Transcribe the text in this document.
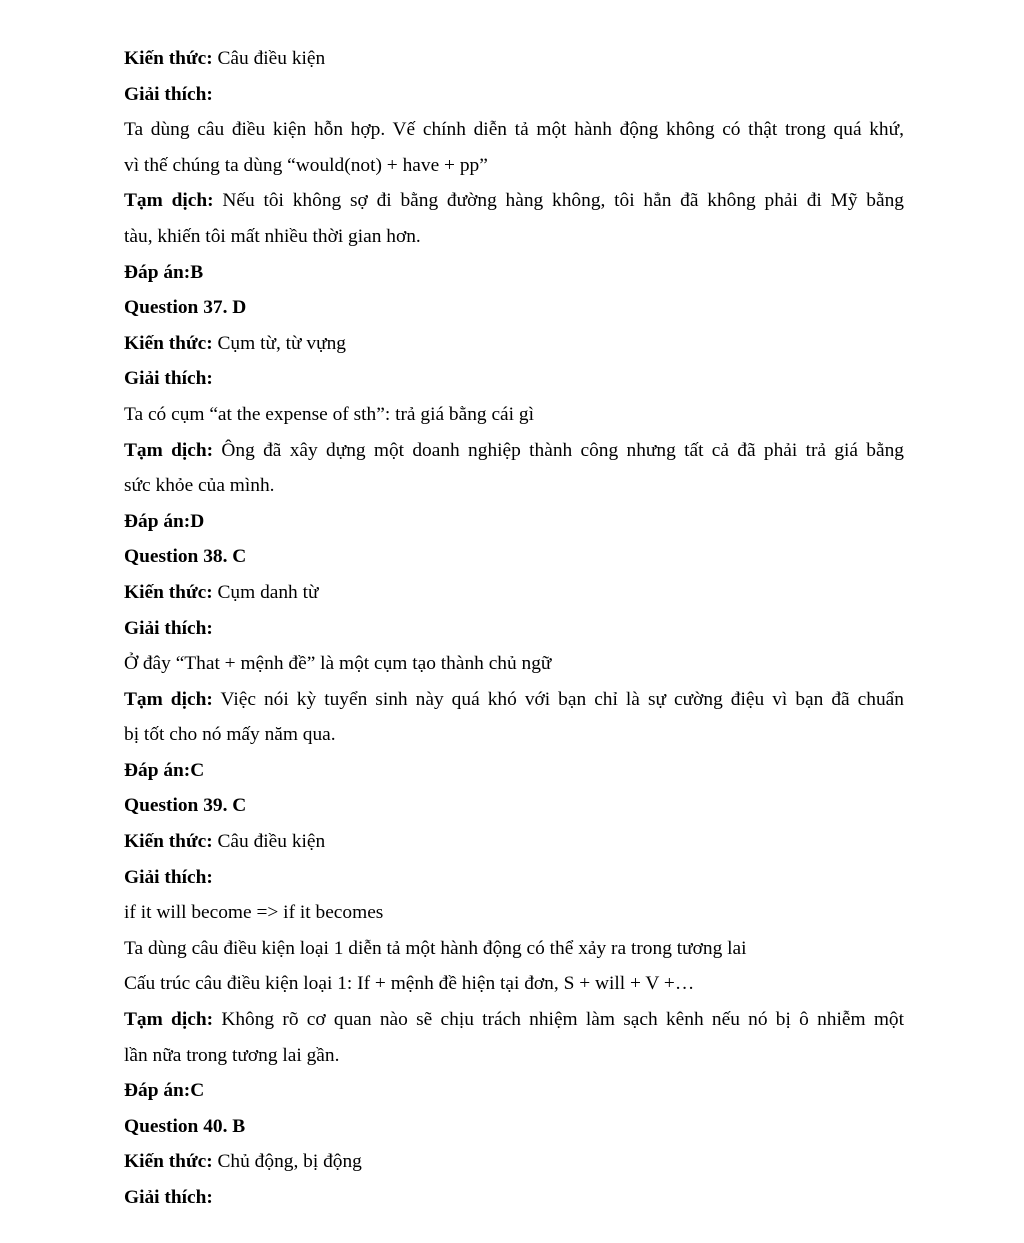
Kiến thức: Câu điều kiện
Giải thích:
Ta dùng câu điều kiện hỗn hợp. Vế chính diễn tả một hành động không có thật trong quá khứ,
vì thế chúng ta dùng “would(not) + have + pp”
Tạm dịch: Nếu tôi không sợ đi bằng đường hàng không, tôi hẳn đã không phải đi Mỹ bằng
tàu, khiến tôi mất nhiều thời gian hơn.
Đáp án:B
Question 37. D
Kiến thức: Cụm từ, từ vựng
Giải thích:
Ta có cụm “at the expense of sth”: trả giá bằng cái gì
Tạm dịch: Ông đã xây dựng một doanh nghiệp thành công nhưng tất cả đã phải trả giá bằng
sức khỏe của mình.
Đáp án:D
Question 38. C
Kiến thức: Cụm danh từ
Giải thích:
Ở đây “That + mệnh đề” là một cụm tạo thành chủ ngữ
Tạm dịch: Việc nói kỳ tuyển sinh này quá khó với bạn chỉ là sự cường điệu vì bạn đã chuẩn
bị tốt cho nó mấy năm qua.
Đáp án:C
Question 39. C
Kiến thức: Câu điều kiện
Giải thích:
if it will become => if it becomes
Ta dùng câu điều kiện loại 1 diễn tả một hành động có thể xảy ra trong tương lai
Cấu trúc câu điều kiện loại 1: If + mệnh đề hiện tại đơn, S + will + V +…
Tạm dịch: Không rõ cơ quan nào sẽ chịu trách nhiệm làm sạch kênh nếu nó bị ô nhiễm một
lần nữa trong tương lai gần.
Đáp án:C
Question 40. B
Kiến thức: Chủ động, bị động
Giải thích:
